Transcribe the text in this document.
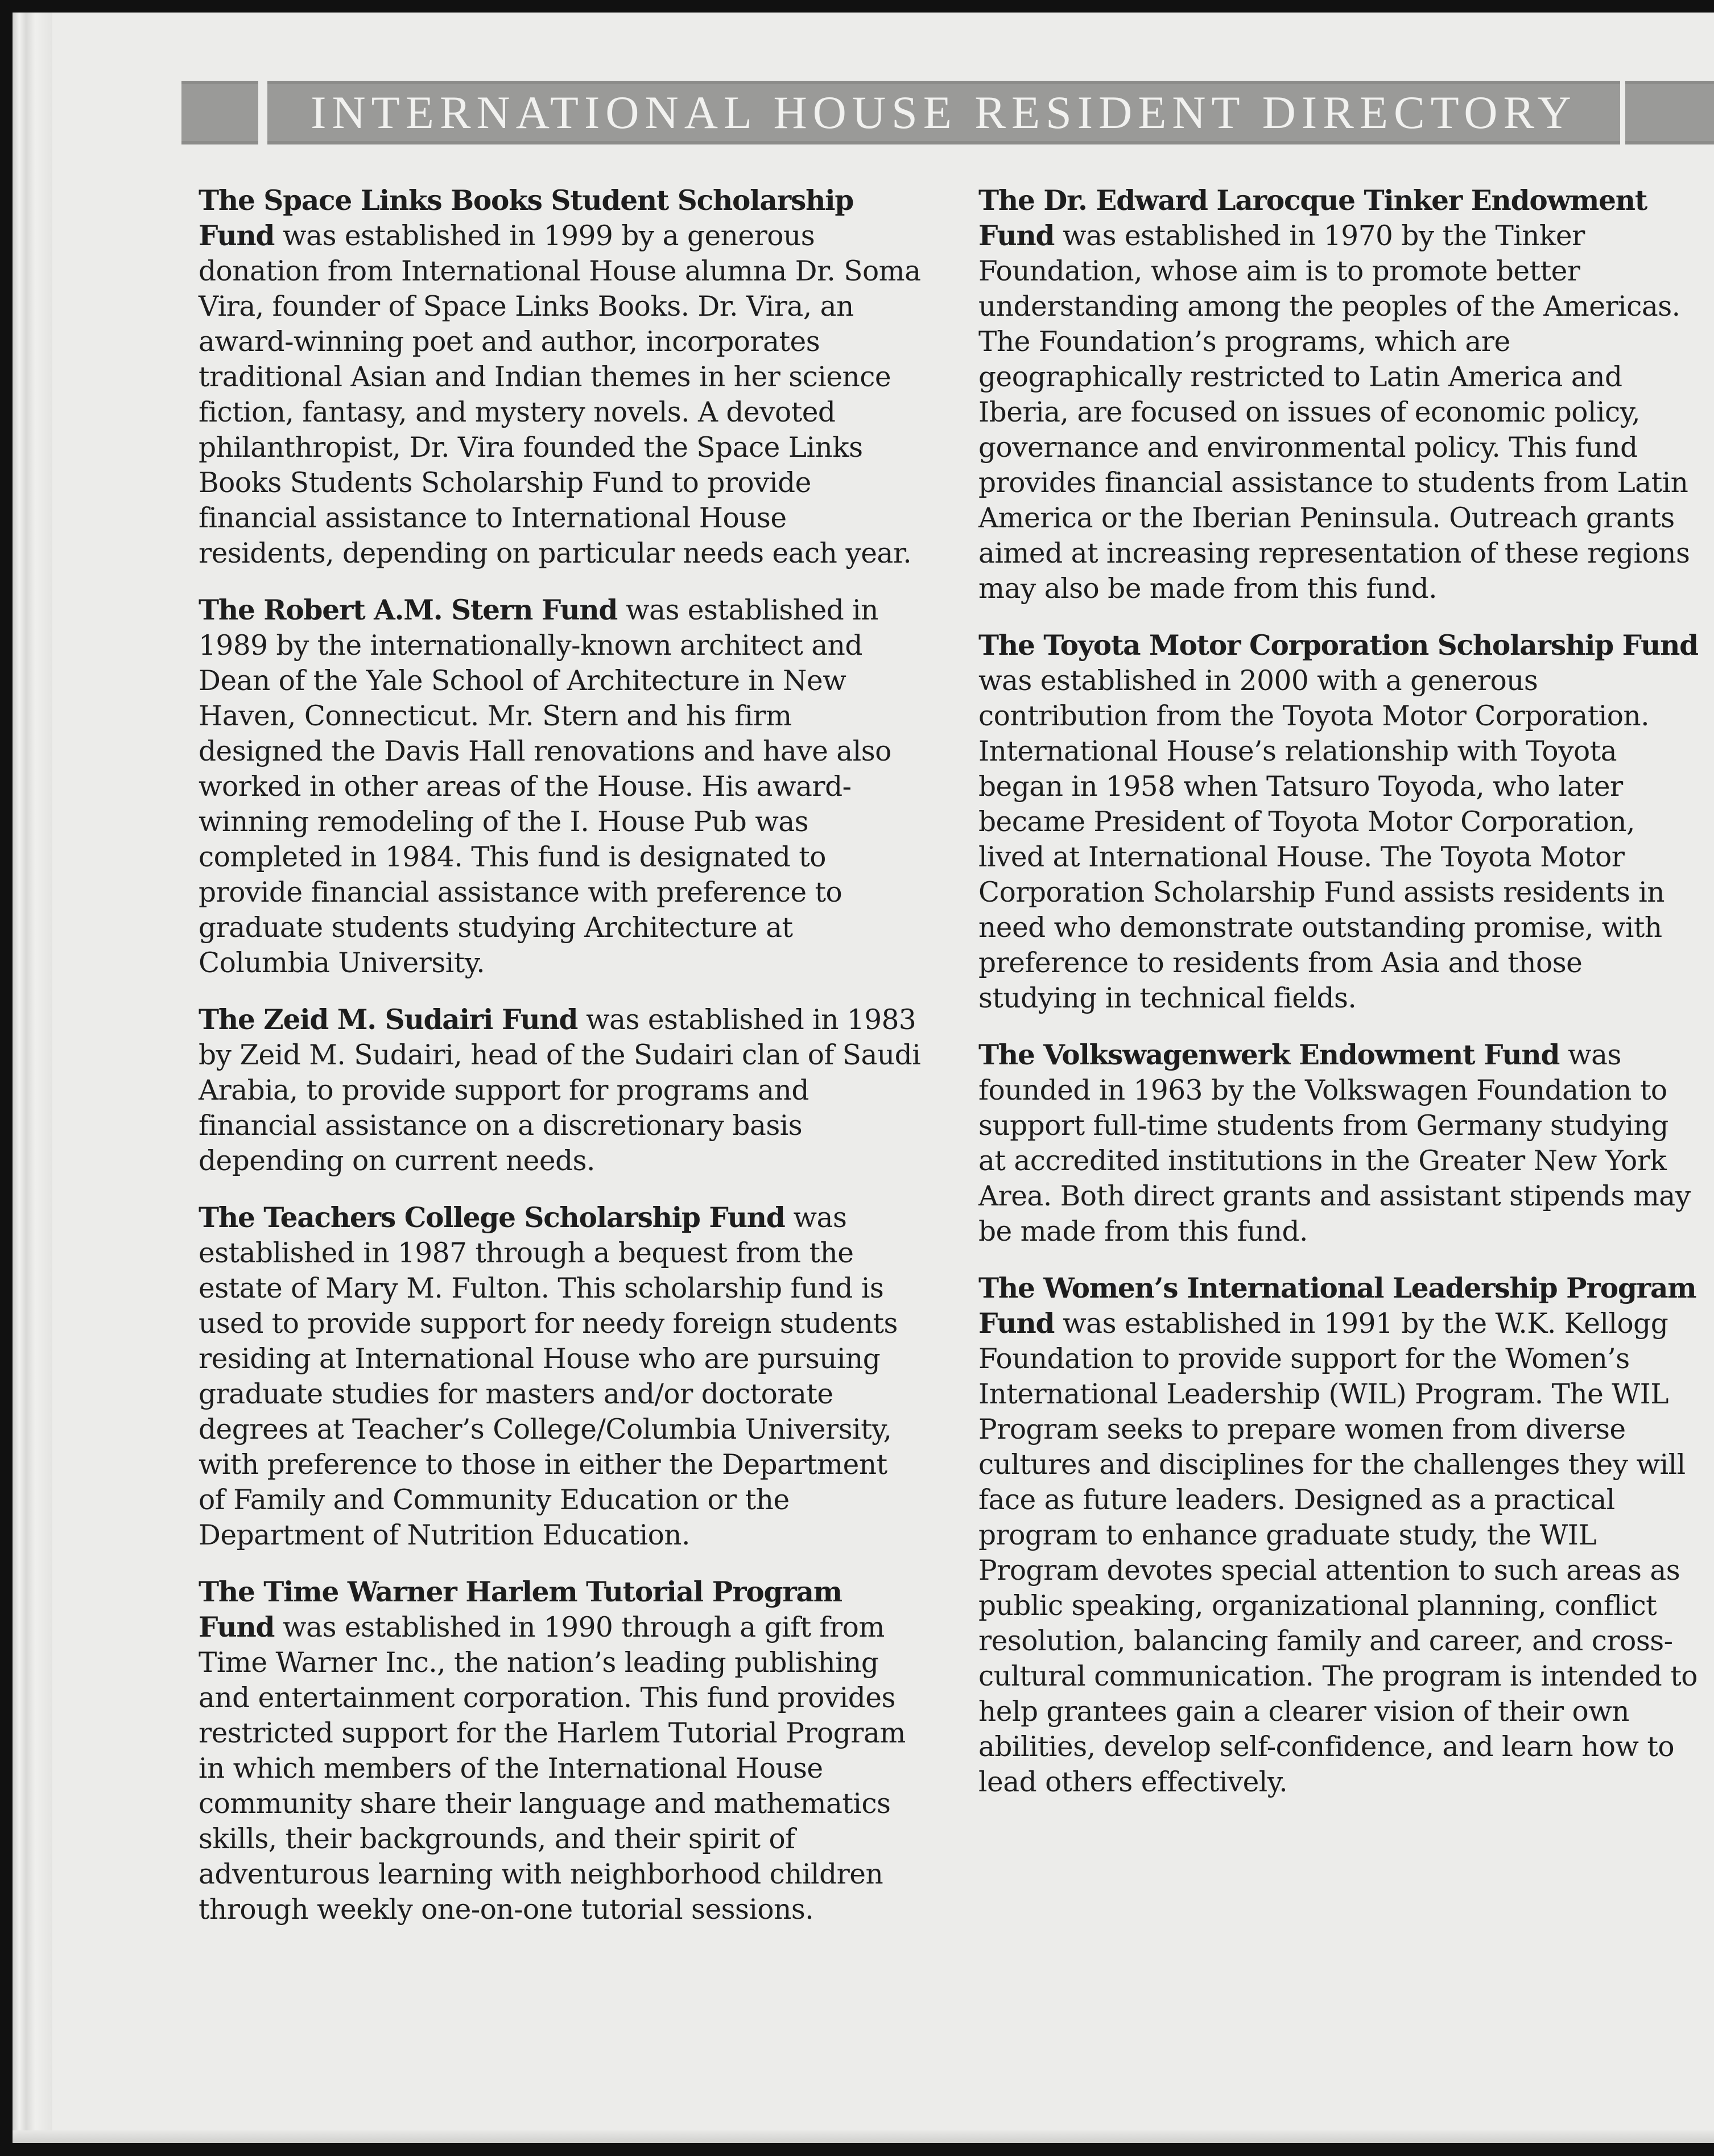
INTERNATIONAL HOUSE RESIDENT DIRECTORY

The Space Links Books Student Scholarship Fund was established in 1999 by a generous donation from International House alumna Dr. Soma Vira, founder of Space Links Books. Dr. Vira, an award-winning poet and author, incorporates traditional Asian and Indian themes in her science fiction, fantasy, and mystery novels. A devoted philanthropist, Dr. Vira founded the Space Links Books Students Scholarship Fund to provide financial assistance to International House residents, depending on particular needs each year.

The Robert A.M. Stern Fund was established in 1989 by the internationally-known architect and Dean of the Yale School of Architecture in New Haven, Connecticut. Mr. Stern and his firm designed the Davis Hall renovations and have also worked in other areas of the House. His award-winning remodeling of the I. House Pub was completed in 1984. This fund is designated to provide financial assistance with preference to graduate students studying Architecture at Columbia University.

The Zeid M. Sudairi Fund was established in 1983 by Zeid M. Sudairi, head of the Sudairi clan of Saudi Arabia, to provide support for programs and financial assistance on a discretionary basis depending on current needs.

The Teachers College Scholarship Fund was established in 1987 through a bequest from the estate of Mary M. Fulton. This scholarship fund is used to provide support for needy foreign students residing at International House who are pursuing graduate studies for masters and/or doctorate degrees at Teacher’s College/Columbia University, with preference to those in either the Department of Family and Community Education or the Department of Nutrition Education.

The Time Warner Harlem Tutorial Program Fund was established in 1990 through a gift from Time Warner Inc., the nation’s leading publishing and entertainment corporation. This fund provides restricted support for the Harlem Tutorial Program in which members of the International House community share their language and mathematics skills, their backgrounds, and their spirit of adventurous learning with neighborhood children through weekly one-on-one tutorial sessions.

The Dr. Edward Larocque Tinker Endowment Fund was established in 1970 by the Tinker Foundation, whose aim is to promote better understanding among the peoples of the Americas. The Foundation’s programs, which are geographically restricted to Latin America and Iberia, are focused on issues of economic policy, governance and environmental policy. This fund provides financial assistance to students from Latin America or the Iberian Peninsula. Outreach grants aimed at increasing representation of these regions may also be made from this fund.

The Toyota Motor Corporation Scholarship Fund was established in 2000 with a generous contribution from the Toyota Motor Corporation. International House’s relationship with Toyota began in 1958 when Tatsuro Toyoda, who later became President of Toyota Motor Corporation, lived at International House. The Toyota Motor Corporation Scholarship Fund assists residents in need who demonstrate outstanding promise, with preference to residents from Asia and those studying in technical fields.

The Volkswagenwerk Endowment Fund was founded in 1963 by the Volkswagen Foundation to support full-time students from Germany studying at accredited institutions in the Greater New York Area. Both direct grants and assistant stipends may be made from this fund.

The Women’s International Leadership Program Fund was established in 1991 by the W.K. Kellogg Foundation to provide support for the Women’s International Leadership (WIL) Program. The WIL Program seeks to prepare women from diverse cultures and disciplines for the challenges they will face as future leaders. Designed as a practical program to enhance graduate study, the WIL Program devotes special attention to such areas as public speaking, organizational planning, conflict resolution, balancing family and career, and cross-cultural communication. The program is intended to help grantees gain a clearer vision of their own abilities, develop self-confidence, and learn how to lead others effectively.
